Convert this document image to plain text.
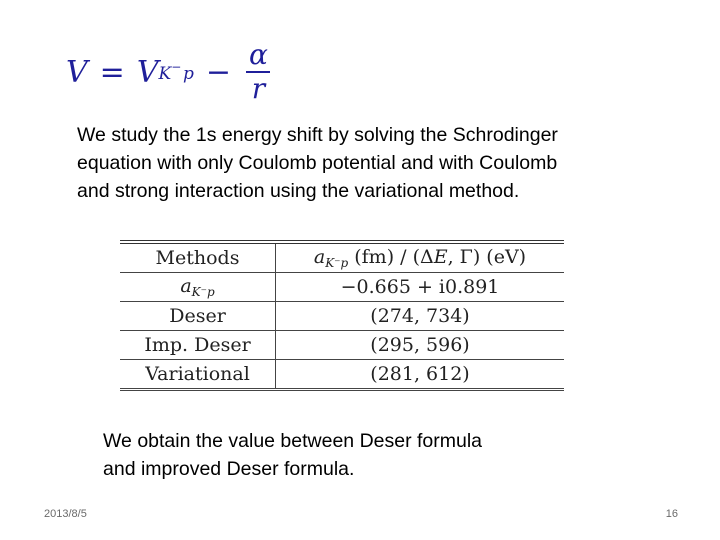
V = V K−  $p - \frac{\alpha}{r}$
We study the 1s energy shift by solving the Schrodinger
equation with only Coulomb potential and with Coulomb
and strong interaction using the variational method.
Methods	$a_{K^-p}$ (fm) / (ΔE, Γ) (eV)
$a_{K^-p}$	−0.665 + i0.891
Deser	(274, 734)
Imp. Deser	(295, 596)
Variational	(281, 612)
We obtain the value between Deser formula
and improved Deser formula.
2013/8/5	16
